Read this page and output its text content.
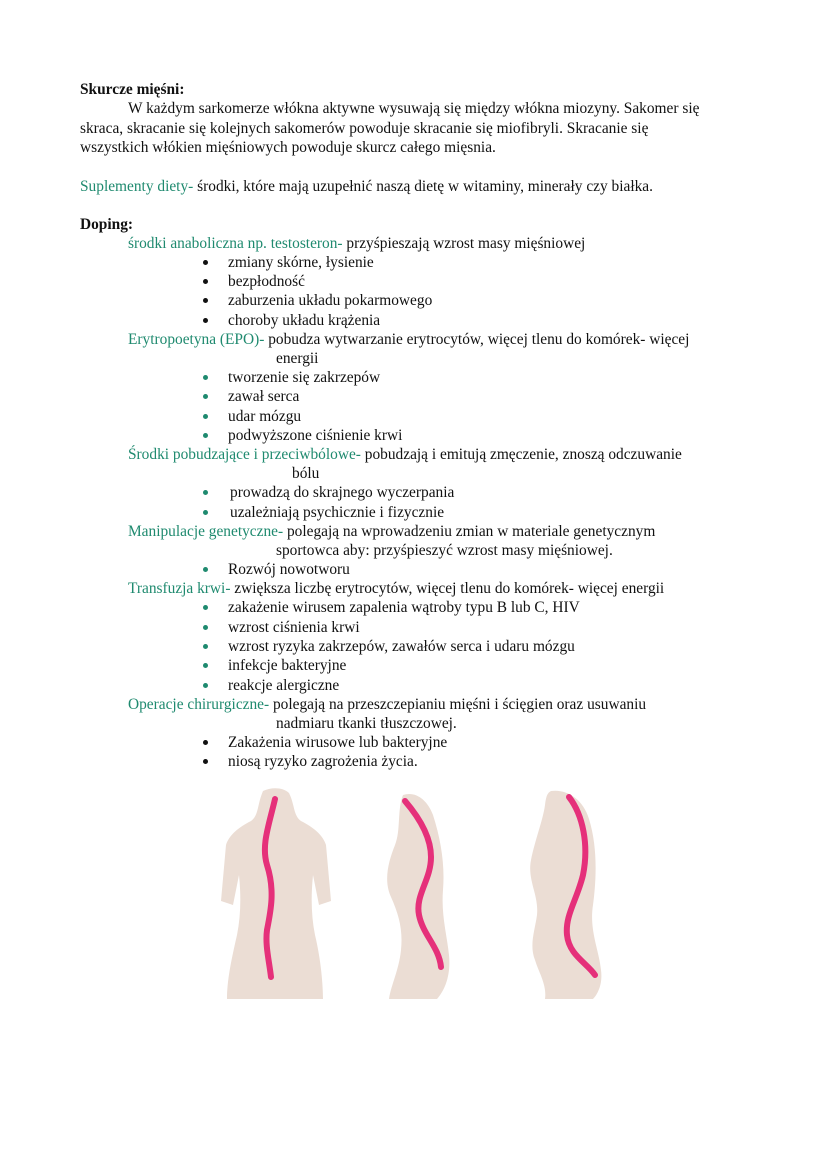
Skurcze mięśni:
W każdym sarkomerze włókna aktywne wysuwają się między włókna miozyny. Sakomer się
skraca, skracanie się kolejnych sakomerów powoduje skracanie się miofibryli. Skracanie się
wszystkich włókien mięśniowych powoduje skurcz całego mięsnia.
Suplementy diety- środki, które mają uzupełnić naszą dietę w witaminy, minerały czy białka.
Doping:
środki anaboliczna np. testosteron- przyśpieszają wzrost masy mięśniowej
zmiany skórne, łysienie
bezpłodność
zaburzenia układu pokarmowego
choroby układu krążenia
Erytropoetyna (EPO)- pobudza wytwarzanie erytrocytów, więcej tlenu do komórek- więcej
energii
tworzenie się zakrzepów
zawał serca
udar mózgu
podwyższone ciśnienie krwi
Środki pobudzające i przeciwbólowe- pobudzają i emitują zmęczenie, znoszą odczuwanie
bólu
prowadzą do skrajnego wyczerpania
uzależniają psychicznie i fizycznie
Manipulacje genetyczne- polegają na wprowadzeniu zmian w materiale genetycznym
sportowca aby: przyśpieszyć wzrost masy mięśniowej.
Rozwój nowotworu
Transfuzja krwi- zwiększa liczbę erytrocytów, więcej tlenu do komórek- więcej energii
zakażenie wirusem zapalenia wątroby typu B lub C, HIV
wzrost ciśnienia krwi
wzrost ryzyka zakrzepów, zawałów serca i udaru mózgu
infekcje bakteryjne
reakcje alergiczne
Operacje chirurgiczne- polegają na przeszczepianiu mięśni i ścięgien oraz usuwaniu
nadmiaru tkanki tłuszczowej.
Zakażenia wirusowe lub bakteryjne
niosą ryzyko zagrożenia życia.
